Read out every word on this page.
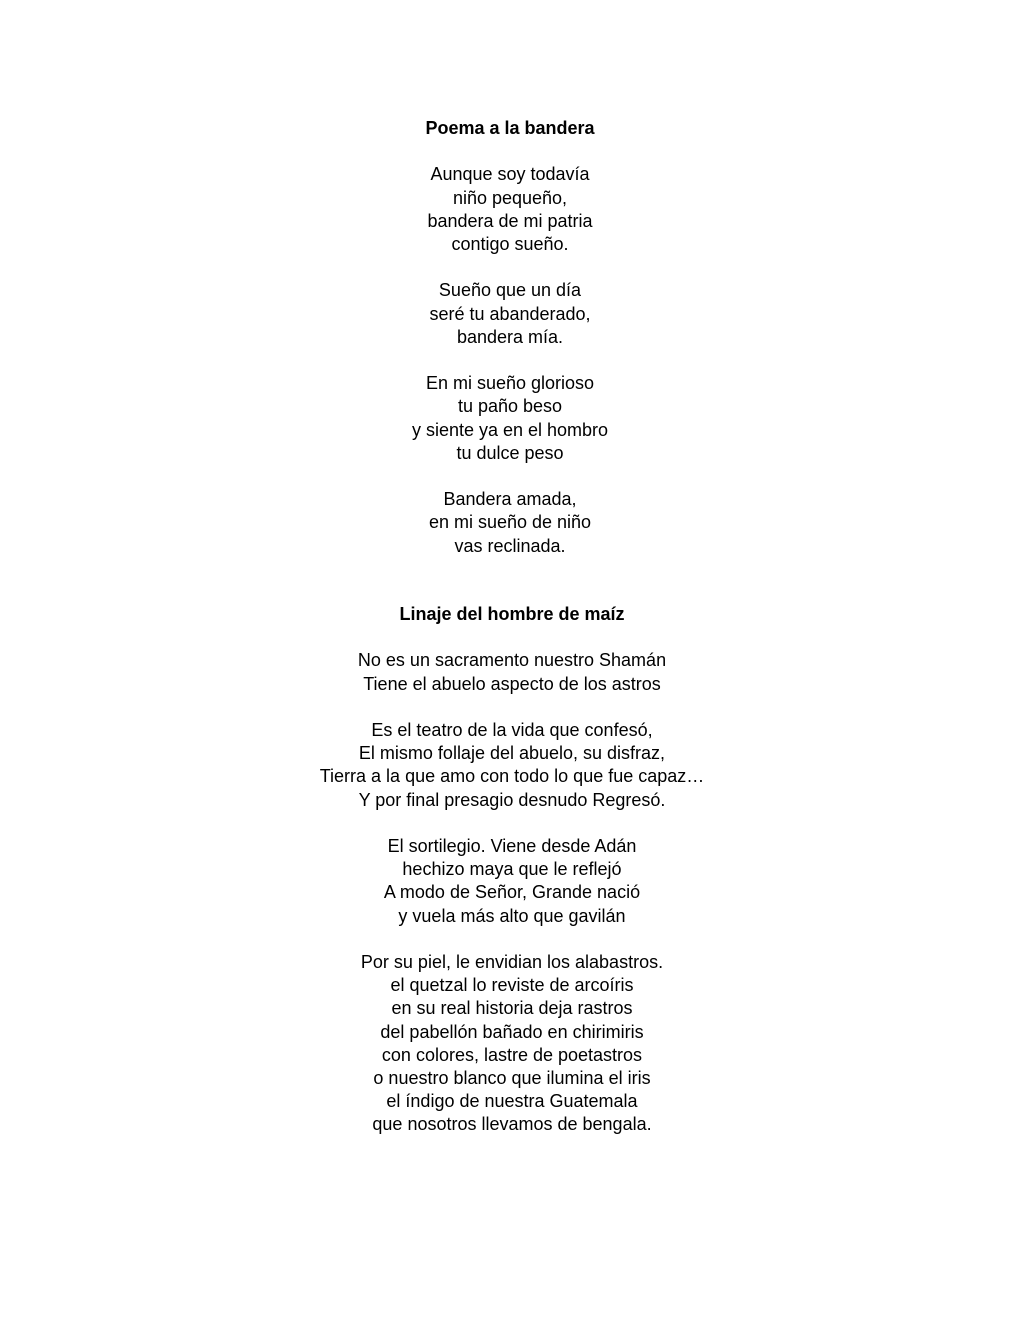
Poema a la bandera
Aunque soy todavía
niño pequeño,
bandera de mi patria
contigo sueño.
Sueño que un día
seré tu abanderado,
bandera mía.
En mi sueño glorioso
tu paño beso
y siente ya en el hombro
tu dulce peso
Bandera amada,
en mi sueño de niño
vas reclinada.
Linaje del hombre de maíz
No es un sacramento nuestro Shamán
Tiene el abuelo aspecto de los astros
Es el teatro de la vida que confesó,
El mismo follaje del abuelo, su disfraz,
Tierra a la que amo con todo lo que fue capaz…
Y por final presagio desnudo Regresó.
El sortilegio. Viene desde Adán
hechizo maya que le reflejó
A modo de Señor, Grande nació
y vuela más alto que gavilán
Por su piel, le envidian los alabastros.
el quetzal lo reviste de arcoíris
en su real historia deja rastros
del pabellón bañado en chirimiris
con colores, lastre de poetastros
o nuestro blanco que ilumina el iris
el índigo de nuestra Guatemala
que nosotros llevamos de bengala.
